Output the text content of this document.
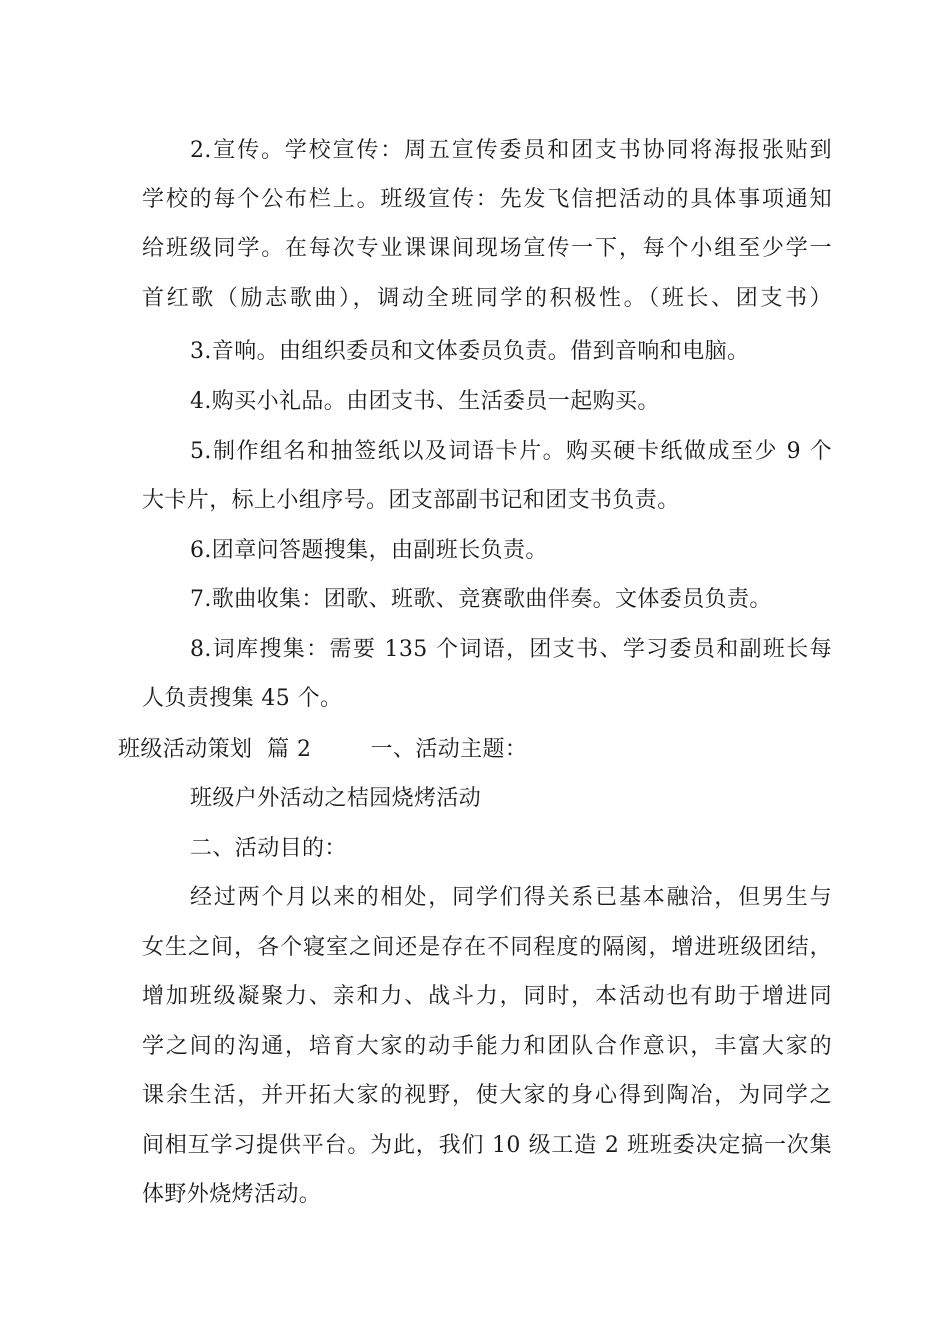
2.宣传。学校宣传：周五宣传委员和团支书协同将海报张贴到
学校的每个公布栏上。班级宣传：先发飞信把活动的具体事项通知
给班级同学。在每次专业课课间现场宣传一下，每个小组至少学一
首红歌（励志歌曲），调动全班同学的积极性。（班长、团支书）
3.音响。由组织委员和文体委员负责。借到音响和电脑。
4.购买小礼品。由团支书、生活委员一起购买。
5.制作组名和抽签纸以及词语卡片。购买硬卡纸做成至少 9 个
大卡片，标上小组序号。团支部副书记和团支书负责。
6.团章问答题搜集，由副班长负责。
7.歌曲收集：团歌、班歌、竞赛歌曲伴奏。文体委员负责。
8.词库搜集：需要 135 个词语，团支书、学习委员和副班长每
人负责搜集 45 个。
班级活动策划  篇 2        一、活动主题：
班级户外活动之桔园烧烤活动
二、活动目的：
经过两个月以来的相处，同学们得关系已基本融洽，但男生与
女生之间，各个寝室之间还是存在不同程度的隔阂，增进班级团结，
增加班级凝聚力、亲和力、战斗力，同时，本活动也有助于增进同
学之间的沟通，培育大家的动手能力和团队合作意识，丰富大家的
课余生活，并开拓大家的视野，使大家的身心得到陶冶，为同学之
间相互学习提供平台。为此，我们 10 级工造 2 班班委决定搞一次集
体野外烧烤活动。
